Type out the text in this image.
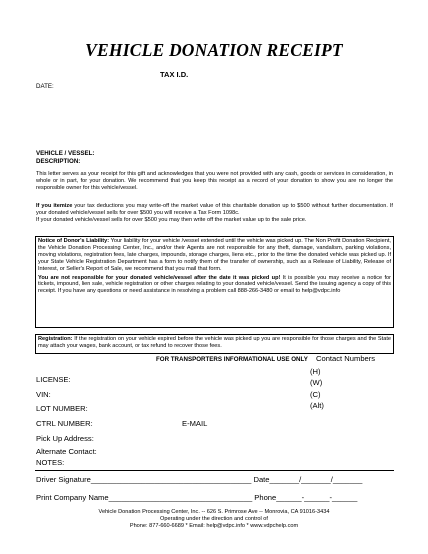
VEHICLE DONATION RECEIPT
TAX I.D.
DATE:
VEHICLE / VESSEL:
DESCRIPTION:
This letter serves as your receipt for this gift and acknowledges that you were not provided with any cash, goods or services in consideration, in whole or in part, for your donation. We recommend that you keep this receipt as a record of your donation to show you are no longer the responsible owner for this vehicle/vessel.
If you itemize your tax deductions you may write-off the market value of this charitable donation up to $500 without further documentation. If your donated vehicle/vessel sells for over $500 you will receive a Tax Form 1098c.
If your donated vehicle/vessel sells for over $500 you may then write off the market value up to the sale price.
Notice of Donor's Liability: Your liability for your vehicle /vessel extended until the vehicle was picked up. The Non Profit Donation Recipient, the Vehicle Donation Processing Center, Inc., and/or their Agents are not responsible for any theft, damage, vandalism, parking violations, moving violations, registration fees, late charges, impounds, storage charges, liens etc., prior to the time the donated vehicle was picked up. If your State Vehicle Registration Department has a form to notify them of the transfer of ownership, such as a Release of Liability, Release of Interest, or Seller's Report of Sale, we recommend that you mail that form.
You are not responsible for your donated vehicle/vessel after the date it was picked up! It is possible you may receive a notice for tickets, impound, lien sale, vehicle registration or other charges relating to your donated vehicle/vessel. Send the issuing agency a copy of this receipt. If you have any questions or need assistance in resolving a problem call 888-266-3480 or email to help@vdpc.info
Registration: If the registration on your vehicle expired before the vehicle was picked up you are responsible for those charges and the State may attach your wages, bank account, or tax refund to recover those fees.
FOR TRANSPORTERS INFORMATIONAL USE ONLY Contact Numbers
(H)
(W)
(C)
(Alt)
LICENSE:
VIN:
LOT NUMBER:
CTRL NUMBER:	E-MAIL
Pick Up Address:
Alternate Contact:
NOTES:
Driver Signature______________________________________ Date_______/_______/_______
Print Company Name__________________________________ Phone______-______-______
Vehicle Donation Processing Center, Inc. -- 626 S. Primrose Ave -- Monrovia, CA 91016-3434
Operating under the direction and control of
Phone: 877-660-6689 * Email: help@vdpc.info * www.vdpchelp.com
